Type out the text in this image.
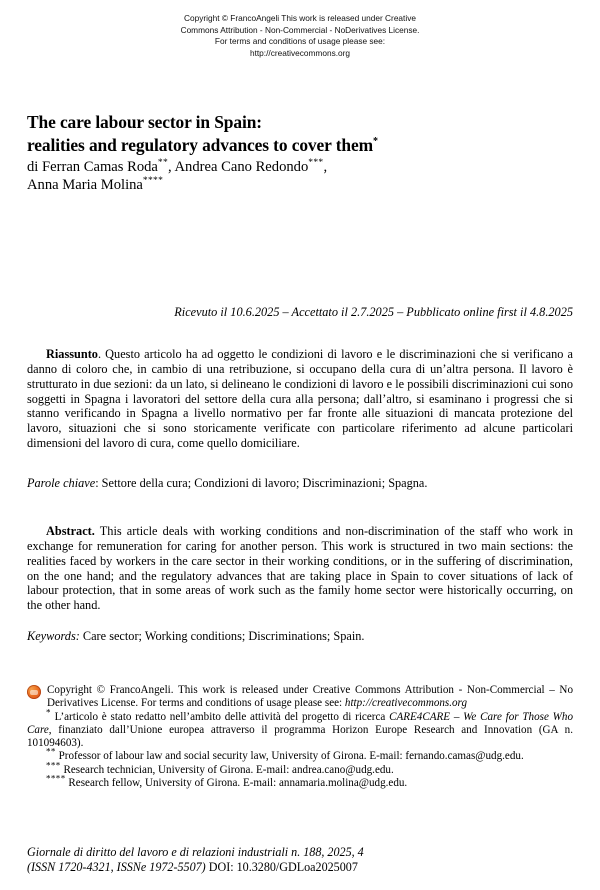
Copyright © FrancoAngeli This work is released under Creative
Commons Attribution - Non-Commercial - NoDerivatives License.
For terms and conditions of usage please see:
http://creativecommons.org
The care labour sector in Spain:
realities and regulatory advances to cover them*
di Ferran Camas Roda**, Andrea Cano Redondo***,
Anna Maria Molina****
Ricevuto il 10.6.2025 – Accettato il 2.7.2025 – Pubblicato online first il 4.8.2025

Riassunto. Questo articolo ha ad oggetto le condizioni di lavoro e le discriminazioni che si verificano a danno di coloro che, in cambio di una retribuzione, si occupano della cura di un’altra persona. Il lavoro è strutturato in due sezioni: da un lato, si delineano le condizioni di lavoro e le possibili discriminazioni cui sono soggetti in Spagna i lavoratori del settore della cura alla persona; dall’altro, si esaminano i progressi che si stanno verificando in Spagna a livello normativo per far fronte alle situazioni di mancata protezione del lavoro, situazioni che si sono storicamente verificate con particolare riferimento ad alcune particolari dimensioni del lavoro di cura, come quello domiciliare.

Parole chiave: Settore della cura; Condizioni di lavoro; Discriminazioni; Spagna.

Abstract. This article deals with working conditions and non-discrimination of the staff who work in exchange for remuneration for caring for another person. This work is structured in two main sections: the realities faced by workers in the care sector in their working conditions, or in the suffering of discrimination, on the one hand; and the regulatory advances that are taking place in Spain to cover situations of lack of labour protection, that in some areas of work such as the family home sector were historically occurring, on the other hand.

Keywords: Care sector; Working conditions; Discriminations; Spain.

Copyright © FrancoAngeli. This work is released under Creative Commons Attribution - Non-Commercial – No Derivatives License. For terms and conditions of usage please see: http://creativecommons.org
* L’articolo è stato redatto nell’ambito delle attività del progetto di ricerca CARE4CARE – We Care for Those Who Care, finanziato dall’Unione europea attraverso il programma Horizon Europe Research and Innovation (GA n. 101094603).
** Professor of labour law and social security law, University of Girona. E-mail: fernando.camas@udg.edu.
*** Research technician, University of Girona. E-mail: andrea.cano@udg.edu.
**** Research fellow, University of Girona. E-mail: annamaria.molina@udg.edu.
Giornale di diritto del lavoro e di relazioni industriali n. 188, 2025, 4
(ISSN 1720-4321, ISSNe 1972-5507) DOI: 10.3280/GDLoa2025007
